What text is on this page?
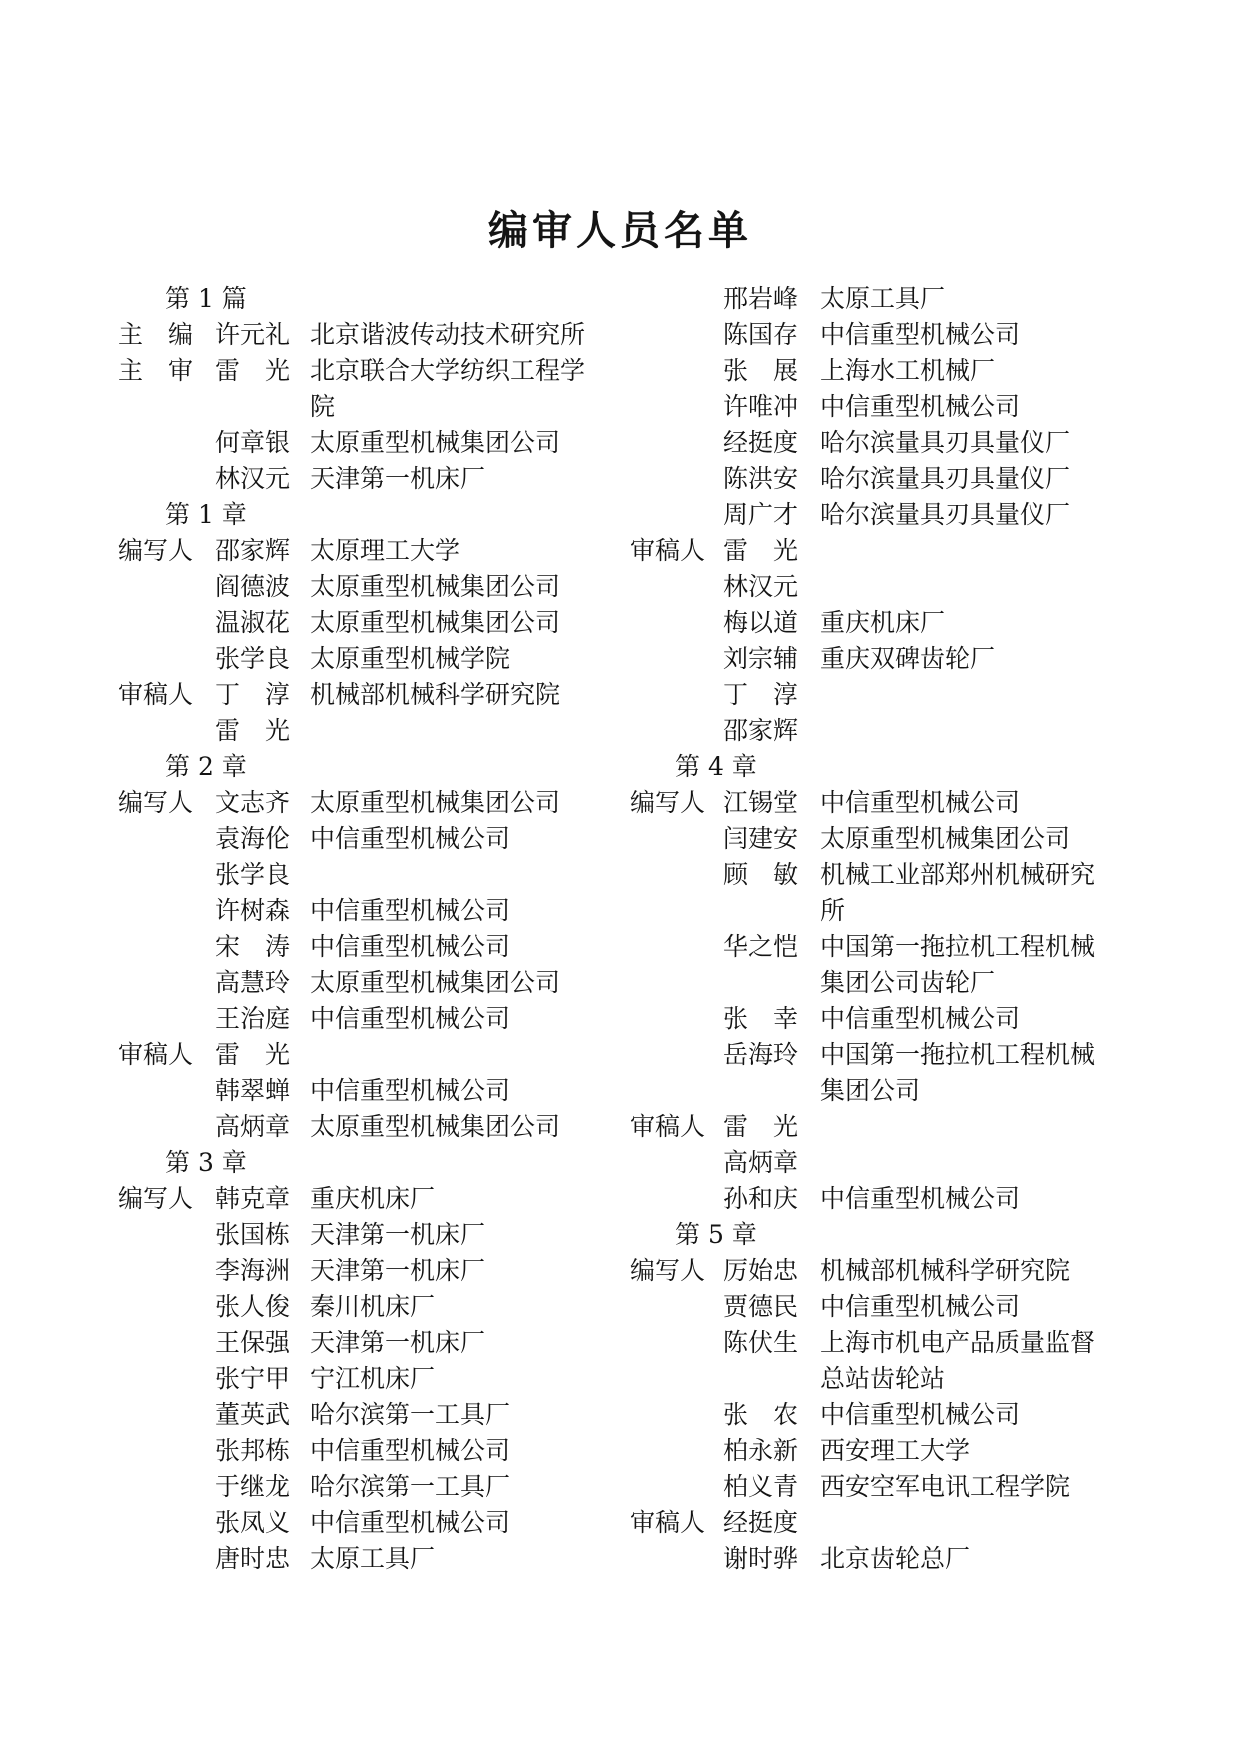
编审人员名单
第 1 篇
主　编 许元礼 北京谐波传动技术研究所
主　审 雷　光 北京联合大学纺织工程学
院
何章银 太原重型机械集团公司
林汉元 天津第一机床厂
第 1 章
编写人 邵家辉 太原理工大学
阎德波 太原重型机械集团公司
温淑花 太原重型机械集团公司
张学良 太原重型机械学院
审稿人 丁　淳 机械部机械科学研究院
雷　光
第 2 章
编写人 文志齐 太原重型机械集团公司
袁海伦 中信重型机械公司
张学良
许树森 中信重型机械公司
宋　涛 中信重型机械公司
高慧玲 太原重型机械集团公司
王治庭 中信重型机械公司
审稿人 雷　光
韩翠蝉 中信重型机械公司
高炳章 太原重型机械集团公司
第 3 章
编写人 韩克章 重庆机床厂
张国栋 天津第一机床厂
李海洲 天津第一机床厂
张人俊 秦川机床厂
王保强 天津第一机床厂
张宁甲 宁江机床厂
董英武 哈尔滨第一工具厂
张邦栋 中信重型机械公司
于继龙 哈尔滨第一工具厂
张凤义 中信重型机械公司
唐时忠 太原工具厂
邢岩峰 太原工具厂
陈国存 中信重型机械公司
张　展 上海水工机械厂
许唯冲 中信重型机械公司
经挺度 哈尔滨量具刃具量仪厂
陈洪安 哈尔滨量具刃具量仪厂
周广才 哈尔滨量具刃具量仪厂
审稿人 雷　光
林汉元
梅以道 重庆机床厂
刘宗辅 重庆双碑齿轮厂
丁　淳
邵家辉
第 4 章
编写人 江锡堂 中信重型机械公司
闫建安 太原重型机械集团公司
顾　敏 机械工业部郑州机械研究
所
华之恺 中国第一拖拉机工程机械
集团公司齿轮厂
张　幸 中信重型机械公司
岳海玲 中国第一拖拉机工程机械
集团公司
审稿人 雷　光
高炳章
孙和庆 中信重型机械公司
第 5 章
编写人 厉始忠 机械部机械科学研究院
贾德民 中信重型机械公司
陈伏生 上海市机电产品质量监督
总站齿轮站
张　农 中信重型机械公司
柏永新 西安理工大学
柏义青 西安空军电讯工程学院
审稿人 经挺度
谢时骅 北京齿轮总厂
